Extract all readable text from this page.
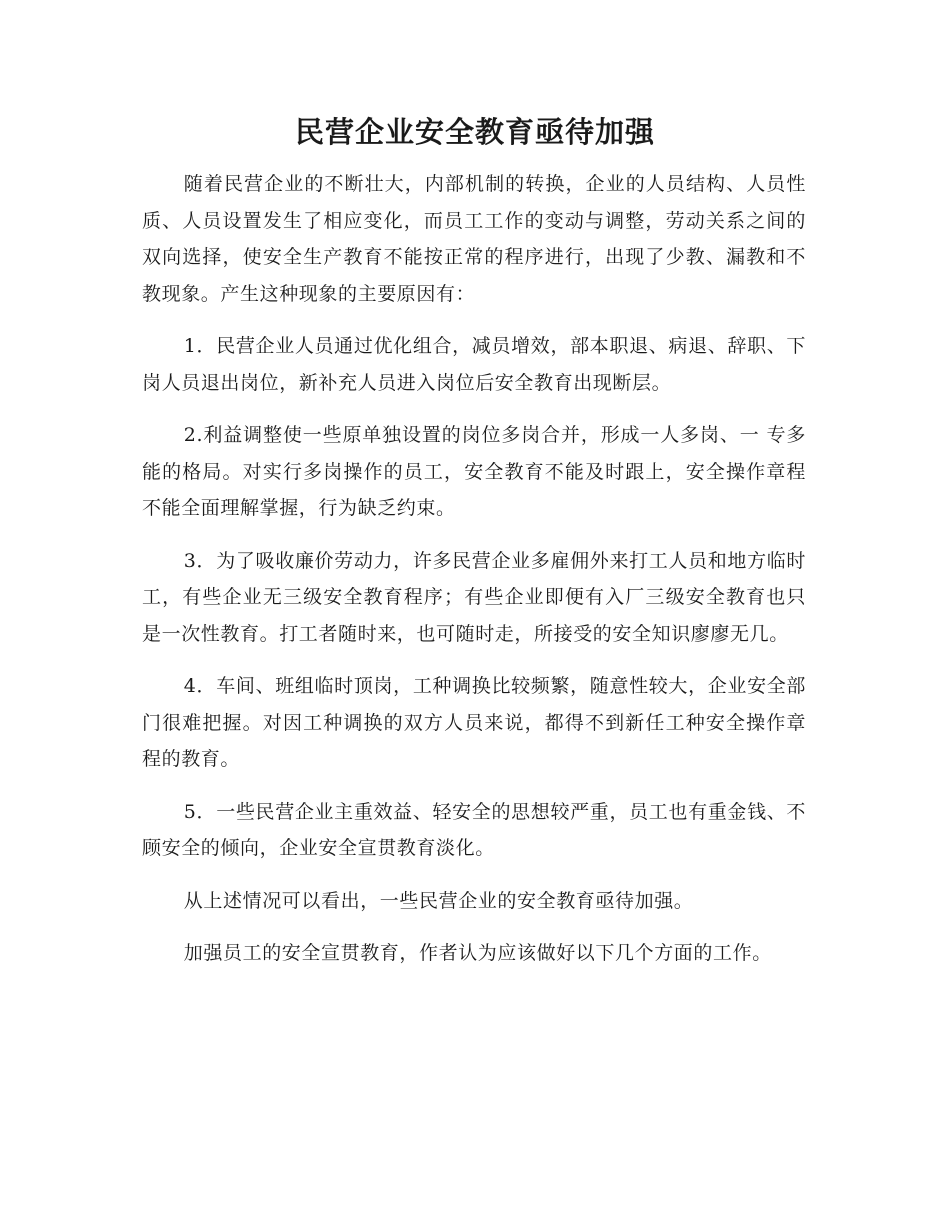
民营企业安全教育亟待加强

随着民营企业的不断壮大，内部机制的转换，企业的人员结构、人员性质、人员设置发生了相应变化，而员工工作的变动与调整，劳动关系之间的双向选择，使安全生产教育不能按正常的程序进行，出现了少教、漏教和不教现象。产生这种现象的主要原因有：

1．民营企业人员通过优化组合，减员增效，部本职退、病退、辞职、下岗人员退出岗位，新补充人员进入岗位后安全教育出现断层。

2.利益调整使一些原单独设置的岗位多岗合并，形成一人多岗、一 专多能的格局。对实行多岗操作的员工，安全教育不能及时跟上，安全操作章程不能全面理解掌握，行为缺乏约束。

3．为了吸收廉价劳动力，许多民营企业多雇佣外来打工人员和地方临时工，有些企业无三级安全教育程序；有些企业即便有入厂三级安全教育也只是一次性教育。打工者随时来，也可随时走，所接受的安全知识廖廖无几。

4．车间、班组临时顶岗，工种调换比较频繁，随意性较大，企业安全部门很难把握。对因工种调换的双方人员来说，都得不到新任工种安全操作章程的教育。

5．一些民营企业主重效益、轻安全的思想较严重，员工也有重金钱、不顾安全的倾向，企业安全宣贯教育淡化。

从上述情况可以看出，一些民营企业的安全教育亟待加强。

加强员工的安全宣贯教育，作者认为应该做好以下几个方面的工作。
